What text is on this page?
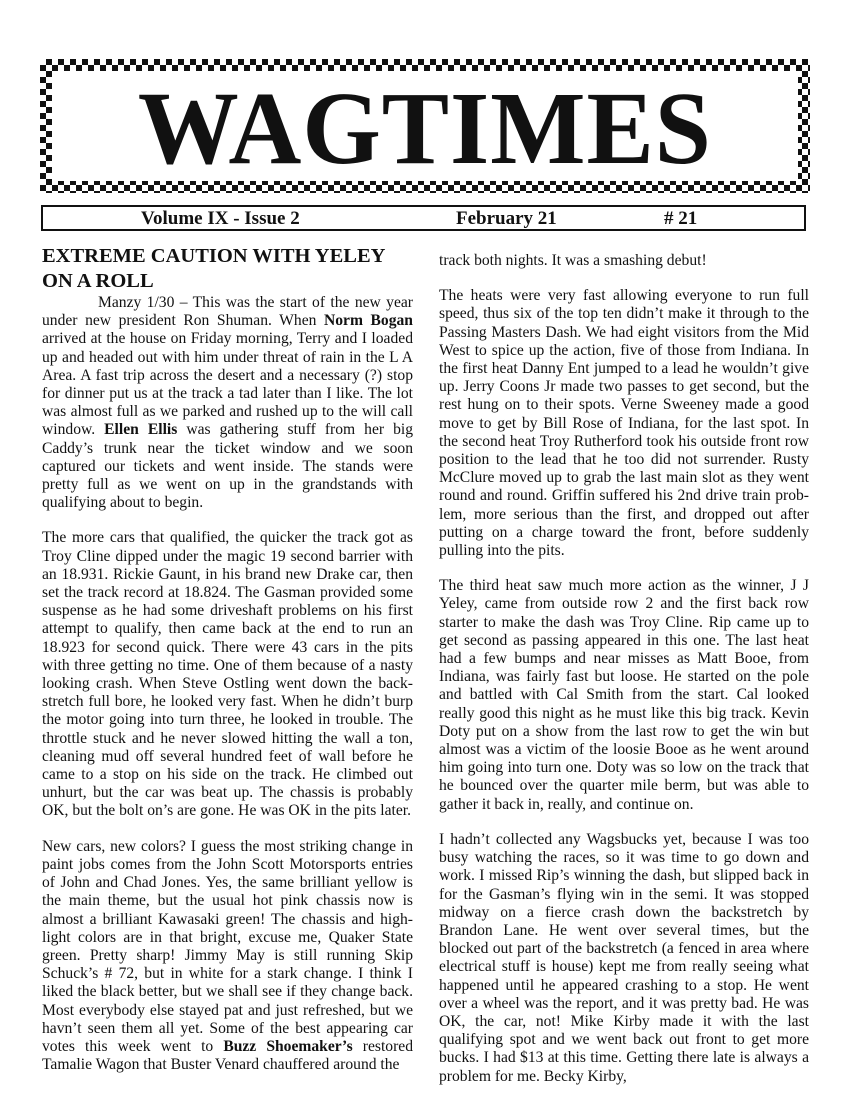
WAGTIMES
Volume IX - Issue 2	February 21	# 21
EXTREME CAUTION WITH YELEY ON A ROLL

Manzy 1/30 – This was the start of the new year under new president Ron Shuman. When Norm Bogan arrived at the house on Friday morning, Terry and I loaded up and headed out with him under threat of rain in the L A Area. A fast trip across the desert and a necessary (?) stop for dinner put us at the track a tad later than I like. The lot was almost full as we parked and rushed up to the will call window. Ellen Ellis was gathering stuff from her big Caddy’s trunk near the ticket window and we soon captured our tickets and went inside. The stands were pretty full as we went on up in the grandstands with qualifying about to begin.

The more cars that qualified, the quicker the track got as Troy Cline dipped under the magic 19 second barrier with an 18.931. Rickie Gaunt, in his brand new Drake car, then set the track record at 18.824. The Gasman provided some suspense as he had some driveshaft problems on his first attempt to qualify, then came back at the end to run an 18.923 for second quick. There were 43 cars in the pits with three getting no time. One of them because of a nasty looking crash. When Steve Ostling went down the back-stretch full bore, he looked very fast. When he didn’t burp the motor going into turn three, he looked in trouble. The throttle stuck and he never slowed hitting the wall a ton, cleaning mud off several hundred feet of wall before he came to a stop on his side on the track. He climbed out unhurt, but the car was beat up. The chassis is probably OK, but the bolt on’s are gone. He was OK in the pits later.

New cars, new colors? I guess the most striking change in paint jobs comes from the John Scott Motorsports entries of John and Chad Jones. Yes, the same brilliant yellow is the main theme, but the usual hot pink chassis now is almost a brilliant Kawasaki green! The chassis and high-light colors are in that bright, excuse me, Quaker State green. Pretty sharp! Jimmy May is still running Skip Schuck’s # 72, but in white for a stark change. I think I liked the black better, but we shall see if they change back. Most everybody else stayed pat and just refreshed, but we havn’t seen them all yet. Some of the best appearing car votes this week went to Buzz Shoemaker’s restored Tamalie Wagon that Buster Venard chauffered around the

track both nights. It was a smashing debut!

The heats were very fast allowing everyone to run full speed, thus six of the top ten didn’t make it through to the Passing Masters Dash. We had eight visitors from the Mid West to spice up the action, five of those from Indiana. In the first heat Danny Ent jumped to a lead he wouldn’t give up. Jerry Coons Jr made two passes to get second, but the rest hung on to their spots. Verne Sweeney made a good move to get by Bill Rose of Indiana, for the last spot. In the second heat Troy Rutherford took his outside front row position to the lead that he too did not surrender. Rusty McClure moved up to grab the last main slot as they went round and round. Griffin suffered his 2nd drive train prob-lem, more serious than the first, and dropped out after putting on a charge toward the front, before suddenly pulling into the pits.

The third heat saw much more action as the winner, J J Yeley, came from outside row 2 and the first back row starter to make the dash was Troy Cline. Rip came up to get second as passing appeared in this one. The last heat had a few bumps and near misses as Matt Booe, from Indiana, was fairly fast but loose. He started on the pole and battled with Cal Smith from the start. Cal looked really good this night as he must like this big track. Kevin Doty put on a show from the last row to get the win but almost was a victim of the loosie Booe as he went around him going into turn one. Doty was so low on the track that he bounced over the quarter mile berm, but was able to gather it back in, really, and continue on.

I hadn’t collected any Wagsbucks yet, because I was too busy watching the races, so it was time to go down and work. I missed Rip’s winning the dash, but slipped back in for the Gasman’s flying win in the semi. It was stopped midway on a fierce crash down the backstretch by Brandon Lane. He went over several times, but the blocked out part of the backstretch (a fenced in area where electrical stuff is house) kept me from really seeing what happened until he appeared crashing to a stop. He went over a wheel was the report, and it was pretty bad. He was OK, the car, not! Mike Kirby made it with the last qualifying spot and we went back out front to get more bucks. I had $13 at this time. Getting there late is always a problem for me. Becky Kirby,
